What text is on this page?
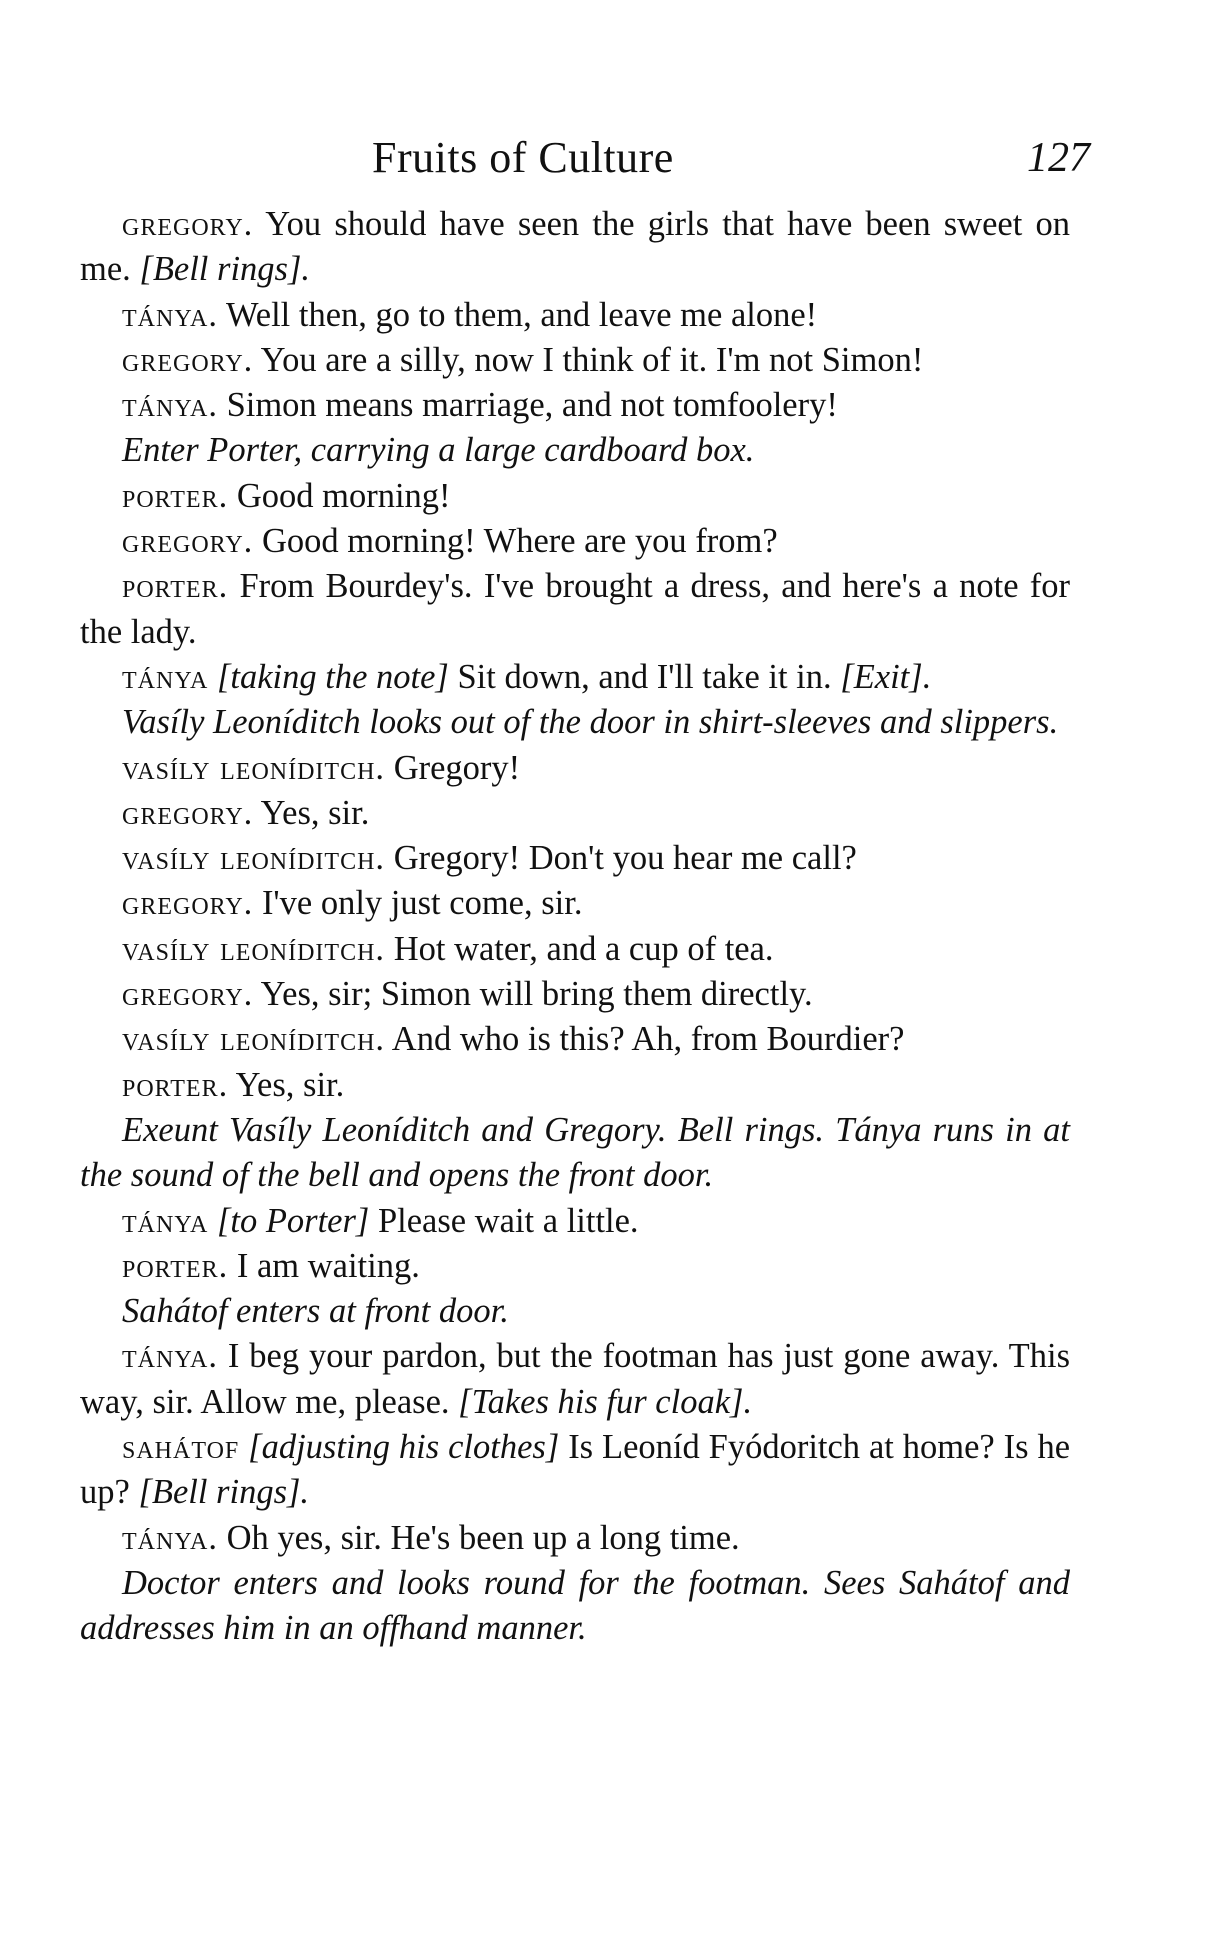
Fruits of Culture	127

gregory. You should have seen the girls that have been sweet on me. [Bell rings].

tánya. Well then, go to them, and leave me alone!

gregory. You are a silly, now I think of it. I'm not Simon!

tánya. Simon means marriage, and not tomfoolery!

Enter Porter, carrying a large cardboard box.

porter. Good morning!

gregory. Good morning! Where are you from?

porter. From Bourdey's. I've brought a dress, and here's a note for the lady.

tánya [taking the note] Sit down, and I'll take it in. [Exit].

Vasíly Leoníditch looks out of the door in shirt-sleeves and slippers.

vasíly leoníditch. Gregory!

gregory. Yes, sir.

vasíly leoníditch. Gregory! Don't you hear me call?

gregory. I've only just come, sir.

vasíly leoníditch. Hot water, and a cup of tea.

gregory. Yes, sir; Simon will bring them directly.

vasíly leoníditch. And who is this? Ah, from Bourdier?

porter. Yes, sir.

Exeunt Vasíly Leoníditch and Gregory. Bell rings. Tánya runs in at the sound of the bell and opens the front door.

tánya [to Porter] Please wait a little.

porter. I am waiting.

Sahátof enters at front door.

tánya. I beg your pardon, but the footman has just gone away. This way, sir. Allow me, please. [Takes his fur cloak].

sahátof [adjusting his clothes] Is Leoníd Fyódoritch at home? Is he up? [Bell rings].

tánya. Oh yes, sir. He's been up a long time.

Doctor enters and looks round for the footman. Sees Sahátof and addresses him in an offhand manner.
